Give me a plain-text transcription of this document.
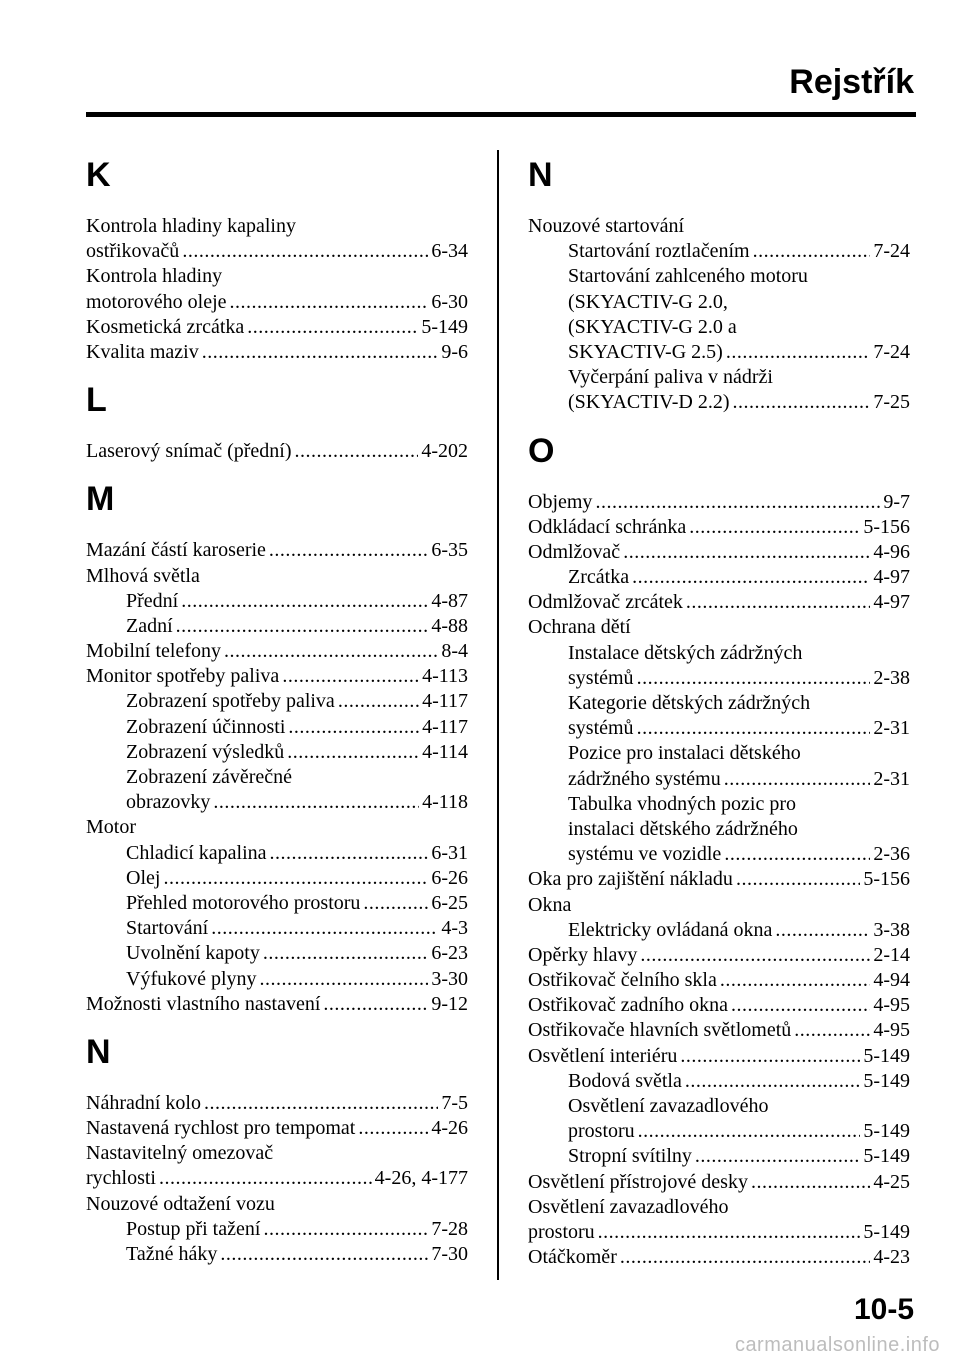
Rejstřík
K
Kontrola hladiny kapaliny
ostřikovačů .....	6-34
Kontrola hladiny
motorového oleje .....	6-30
Kosmetická zrcátka .....	5-149
Kvalita maziv .....	9-6
L
Laserový snímač (přední) .....	4-202
M
Mazání částí karoserie .....	6-35
Mlhová světla
Přední .....	4-87
Zadní .....	4-88
Mobilní telefony .....	8-4
Monitor spotřeby paliva .....	4-113
Zobrazení spotřeby paliva .....	4-117
Zobrazení účinnosti .....	4-117
Zobrazení výsledků .....	4-114
Zobrazení závěrečné
obrazovky .....	4-118
Motor
Chladicí kapalina .....	6-31
Olej .....	6-26
Přehled motorového prostoru .....	6-25
Startování .....	4-3
Uvolnění kapoty .....	6-23
Výfukové plyny .....	3-30
Možnosti vlastního nastavení .....	9-12
N
Náhradní kolo .....	7-5
Nastavená rychlost pro tempomat .....	4-26
Nastavitelný omezovač
rychlosti .....	4-26, 4-177
Nouzové odtažení vozu
Postup při tažení .....	7-28
Tažné háky .....	7-30
N
Nouzové startování
Startování roztlačením .....	7-24
Startování zahlceného motoru
(SKYACTIV-G 2.0,
(SKYACTIV-G 2.0 a
SKYACTIV-G 2.5) .....	7-24
Vyčerpání paliva v nádrži
(SKYACTIV-D 2.2) .....	7-25
O
Objemy .....	9-7
Odkládací schránka .....	5-156
Odmlžovač .....	4-96
Zrcátka .....	4-97
Odmlžovač zrcátek .....	4-97
Ochrana dětí
Instalace dětských zádržných
systémů .....	2-38
Kategorie dětských zádržných
systémů .....	2-31
Pozice pro instalaci dětského
zádržného systému .....	2-31
Tabulka vhodných pozic pro
instalaci dětského zádržného
systému ve vozidle .....	2-36
Oka pro zajištění nákladu .....	5-156
Okna
Elektricky ovládaná okna .....	3-38
Opěrky hlavy .....	2-14
Ostřikovač čelního skla .....	4-94
Ostřikovač zadního okna .....	4-95
Ostřikovače hlavních světlometů .....	4-95
Osvětlení interiéru .....	5-149
Bodová světla .....	5-149
Osvětlení zavazadlového
prostoru .....	5-149
Stropní svítilny .....	5-149
Osvětlení přístrojové desky .....	4-25
Osvětlení zavazadlového
prostoru .....	5-149
Otáčkoměr .....	4-23
10-5
carmanualsonline.info
